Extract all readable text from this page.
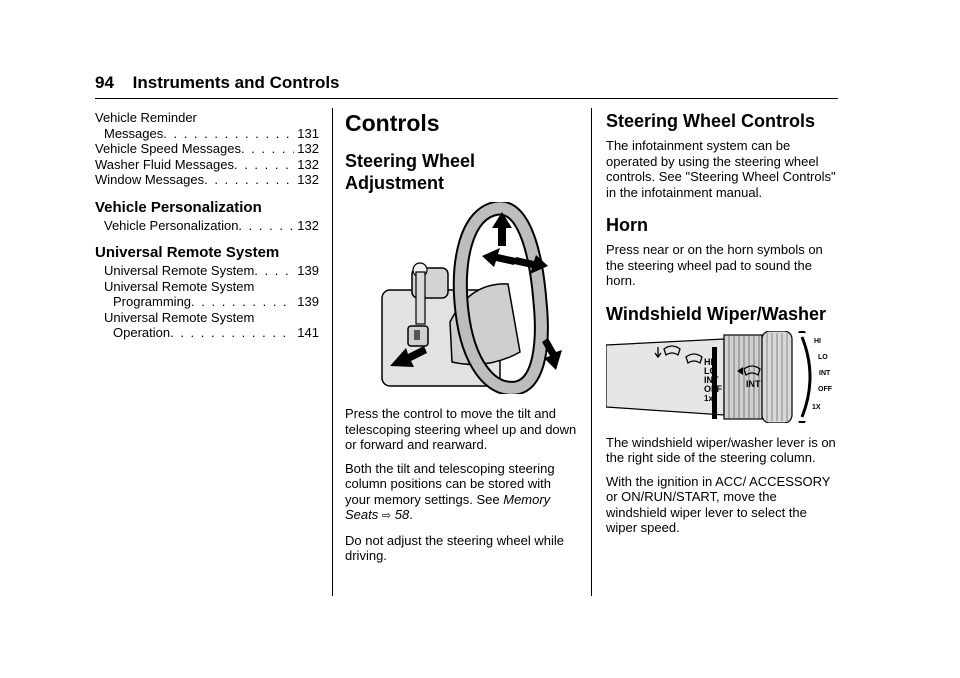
94 Instruments and Controls
Vehicle Reminder
Messages . . .	131
Vehicle Speed Messages . . .	132
Washer Fluid Messages . . .	132
Window Messages . . .	132
Vehicle Personalization
Vehicle Personalization . . .	132
Universal Remote System
Universal Remote System . . .	139
Universal Remote System
Programming . . .	139
Universal Remote System
Operation . . .	141
Controls
Steering Wheel
Adjustment

Press the control to move the tilt and telescoping steering wheel up and down or forward and rearward.

Both the tilt and telescoping steering column positions can be stored with your memory settings. See Memory Seats ⇨ 58.

Do not adjust the steering wheel while driving.

Steering Wheel Controls

The infotainment system can be operated by using the steering wheel controls. See "Steering Wheel Controls" in the infotainment manual.

Horn

Press near or on the horn symbols on the steering wheel pad to sound the horn.

Windshield Wiper/Washer
HI
LO
INT
OFF
1x
INT
HI
LO
INT
OFF
1X

The windshield wiper/washer lever is on the right side of the steering column.

With the ignition in ACC/ ACCESSORY or ON/RUN/START, move the windshield wiper lever to select the wiper speed.
